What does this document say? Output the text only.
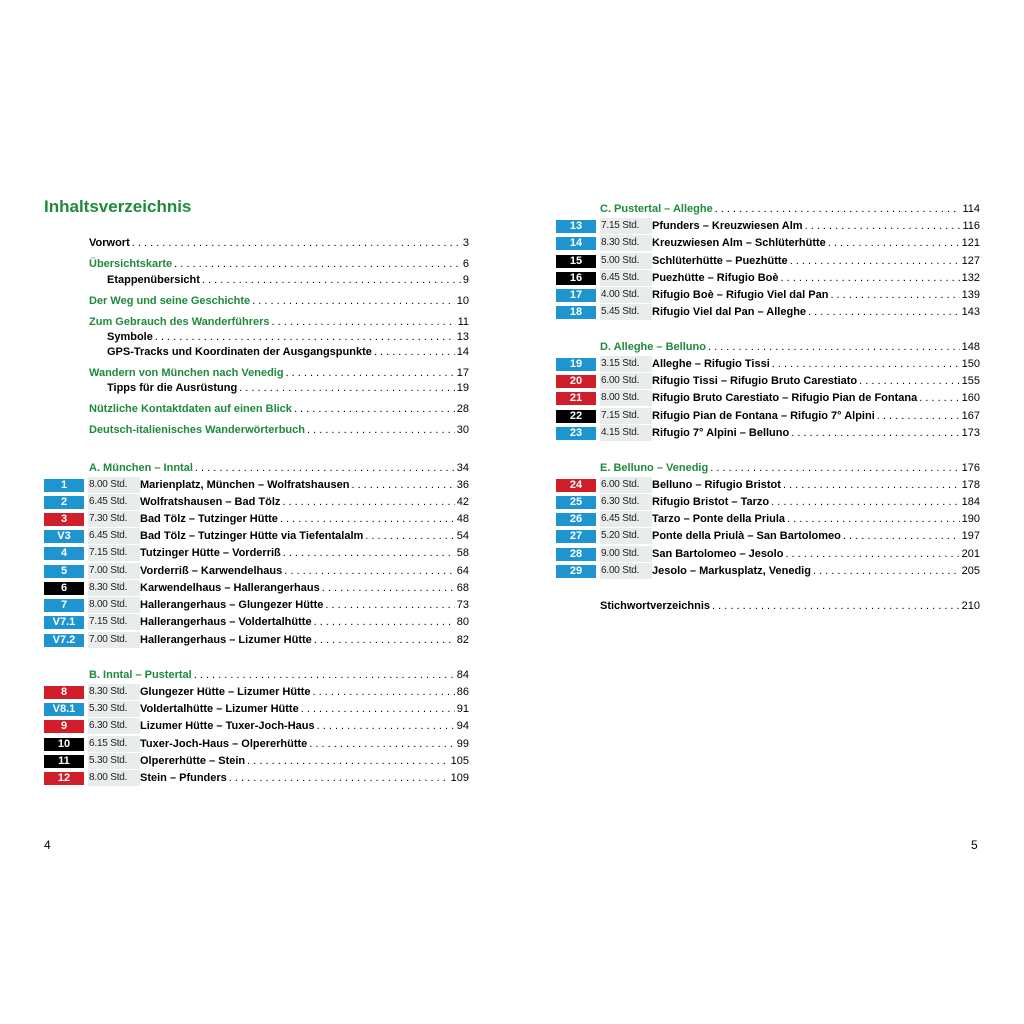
Inhaltsverzeichnis
Vorwort . . .	3
Übersichtskarte . . .	6
Etappenübersicht . . .	9
Der Weg und seine Geschichte . . .	10
Zum Gebrauch des Wanderführers . . .	11
Symbole . . .	13
GPS-Tracks und Koordinaten der Ausgangspunkte . . .	14
Wandern von München nach Venedig . . .	17
Tipps für die Ausrüstung . . .	19
Nützliche Kontaktdaten auf einen Blick . . .	28
Deutsch-italienisches Wanderwörterbuch . . .	30
A. München – Inntal . . .	34
1	8.00 Std.	Marienplatz, München – Wolfratshausen . . .	36
2	6.45 Std.	Wolfratshausen – Bad Tölz . . .	42
3	7.30 Std.	Bad Tölz – Tutzinger Hütte . . .	48
V3	6.45 Std.	Bad Tölz – Tutzinger Hütte via Tiefentalalm . . .	54
4	7.15 Std.	Tutzinger Hütte – Vorderriß . . .	58
5	7.00 Std.	Vorderriß – Karwendelhaus . . .	64
6	8.30 Std.	Karwendelhaus – Hallerangerhaus . . .	68
7	8.00 Std.	Hallerangerhaus – Glungezer Hütte . . .	73
V7.1	7.15 Std.	Hallerangerhaus – Voldertalhütte . . .	80
V7.2	7.00 Std.	Hallerangerhaus – Lizumer Hütte . . .	82
B. Inntal – Pustertal . . .	84
8	8.30 Std.	Glungezer Hütte – Lizumer Hütte . . .	86
V8.1	5.30 Std.	Voldertalhütte – Lizumer Hütte . . .	91
9	6.30 Std.	Lizumer Hütte – Tuxer-Joch-Haus . . .	94
10	6.15 Std.	Tuxer-Joch-Haus – Olpererhütte . . .	99
11	5.30 Std.	Olpererhütte – Stein . . .	105
12	8.00 Std.	Stein – Pfunders . . .	109
C. Pustertal – Alleghe . . .	114
13	7.15 Std.	Pfunders – Kreuzwiesen Alm . . .	116
14	8.30 Std.	Kreuzwiesen Alm – Schlüterhütte . . .	121
15	5.00 Std.	Schlüterhütte – Puezhütte . . .	127
16	6.45 Std.	Puezhütte – Rifugio Boè . . .	132
17	4.00 Std.	Rifugio Boè – Rifugio Viel dal Pan . . .	139
18	5.45 Std.	Rifugio Viel dal Pan – Alleghe . . .	143
D. Alleghe – Belluno . . .	148
19	3.15 Std.	Alleghe – Rifugio Tissi . . .	150
20	6.00 Std.	Rifugio Tissi – Rifugio Bruto Carestiato . . .	155
21	8.00 Std.	Rifugio Bruto Carestiato – Rifugio Pian de Fontana . . .	160
22	7.15 Std.	Rifugio Pian de Fontana – Rifugio 7° Alpini . . .	167
23	4.15 Std.	Rifugio 7° Alpini – Belluno . . .	173
E. Belluno – Venedig . . .	176
24	6.00 Std.	Belluno – Rifugio Bristot . . .	178
25	6.30 Std.	Rifugio Bristot – Tarzo . . .	184
26	6.45 Std.	Tarzo – Ponte della Priula . . .	190
27	5.20 Std.	Ponte della Priulà – San Bartolomeo . . .	197
28	9.00 Std.	San Bartolomeo – Jesolo . . .	201
29	6.00 Std.	Jesolo – Markusplatz, Venedig . . .	205
Stichwortverzeichnis . . .	210
4	5
